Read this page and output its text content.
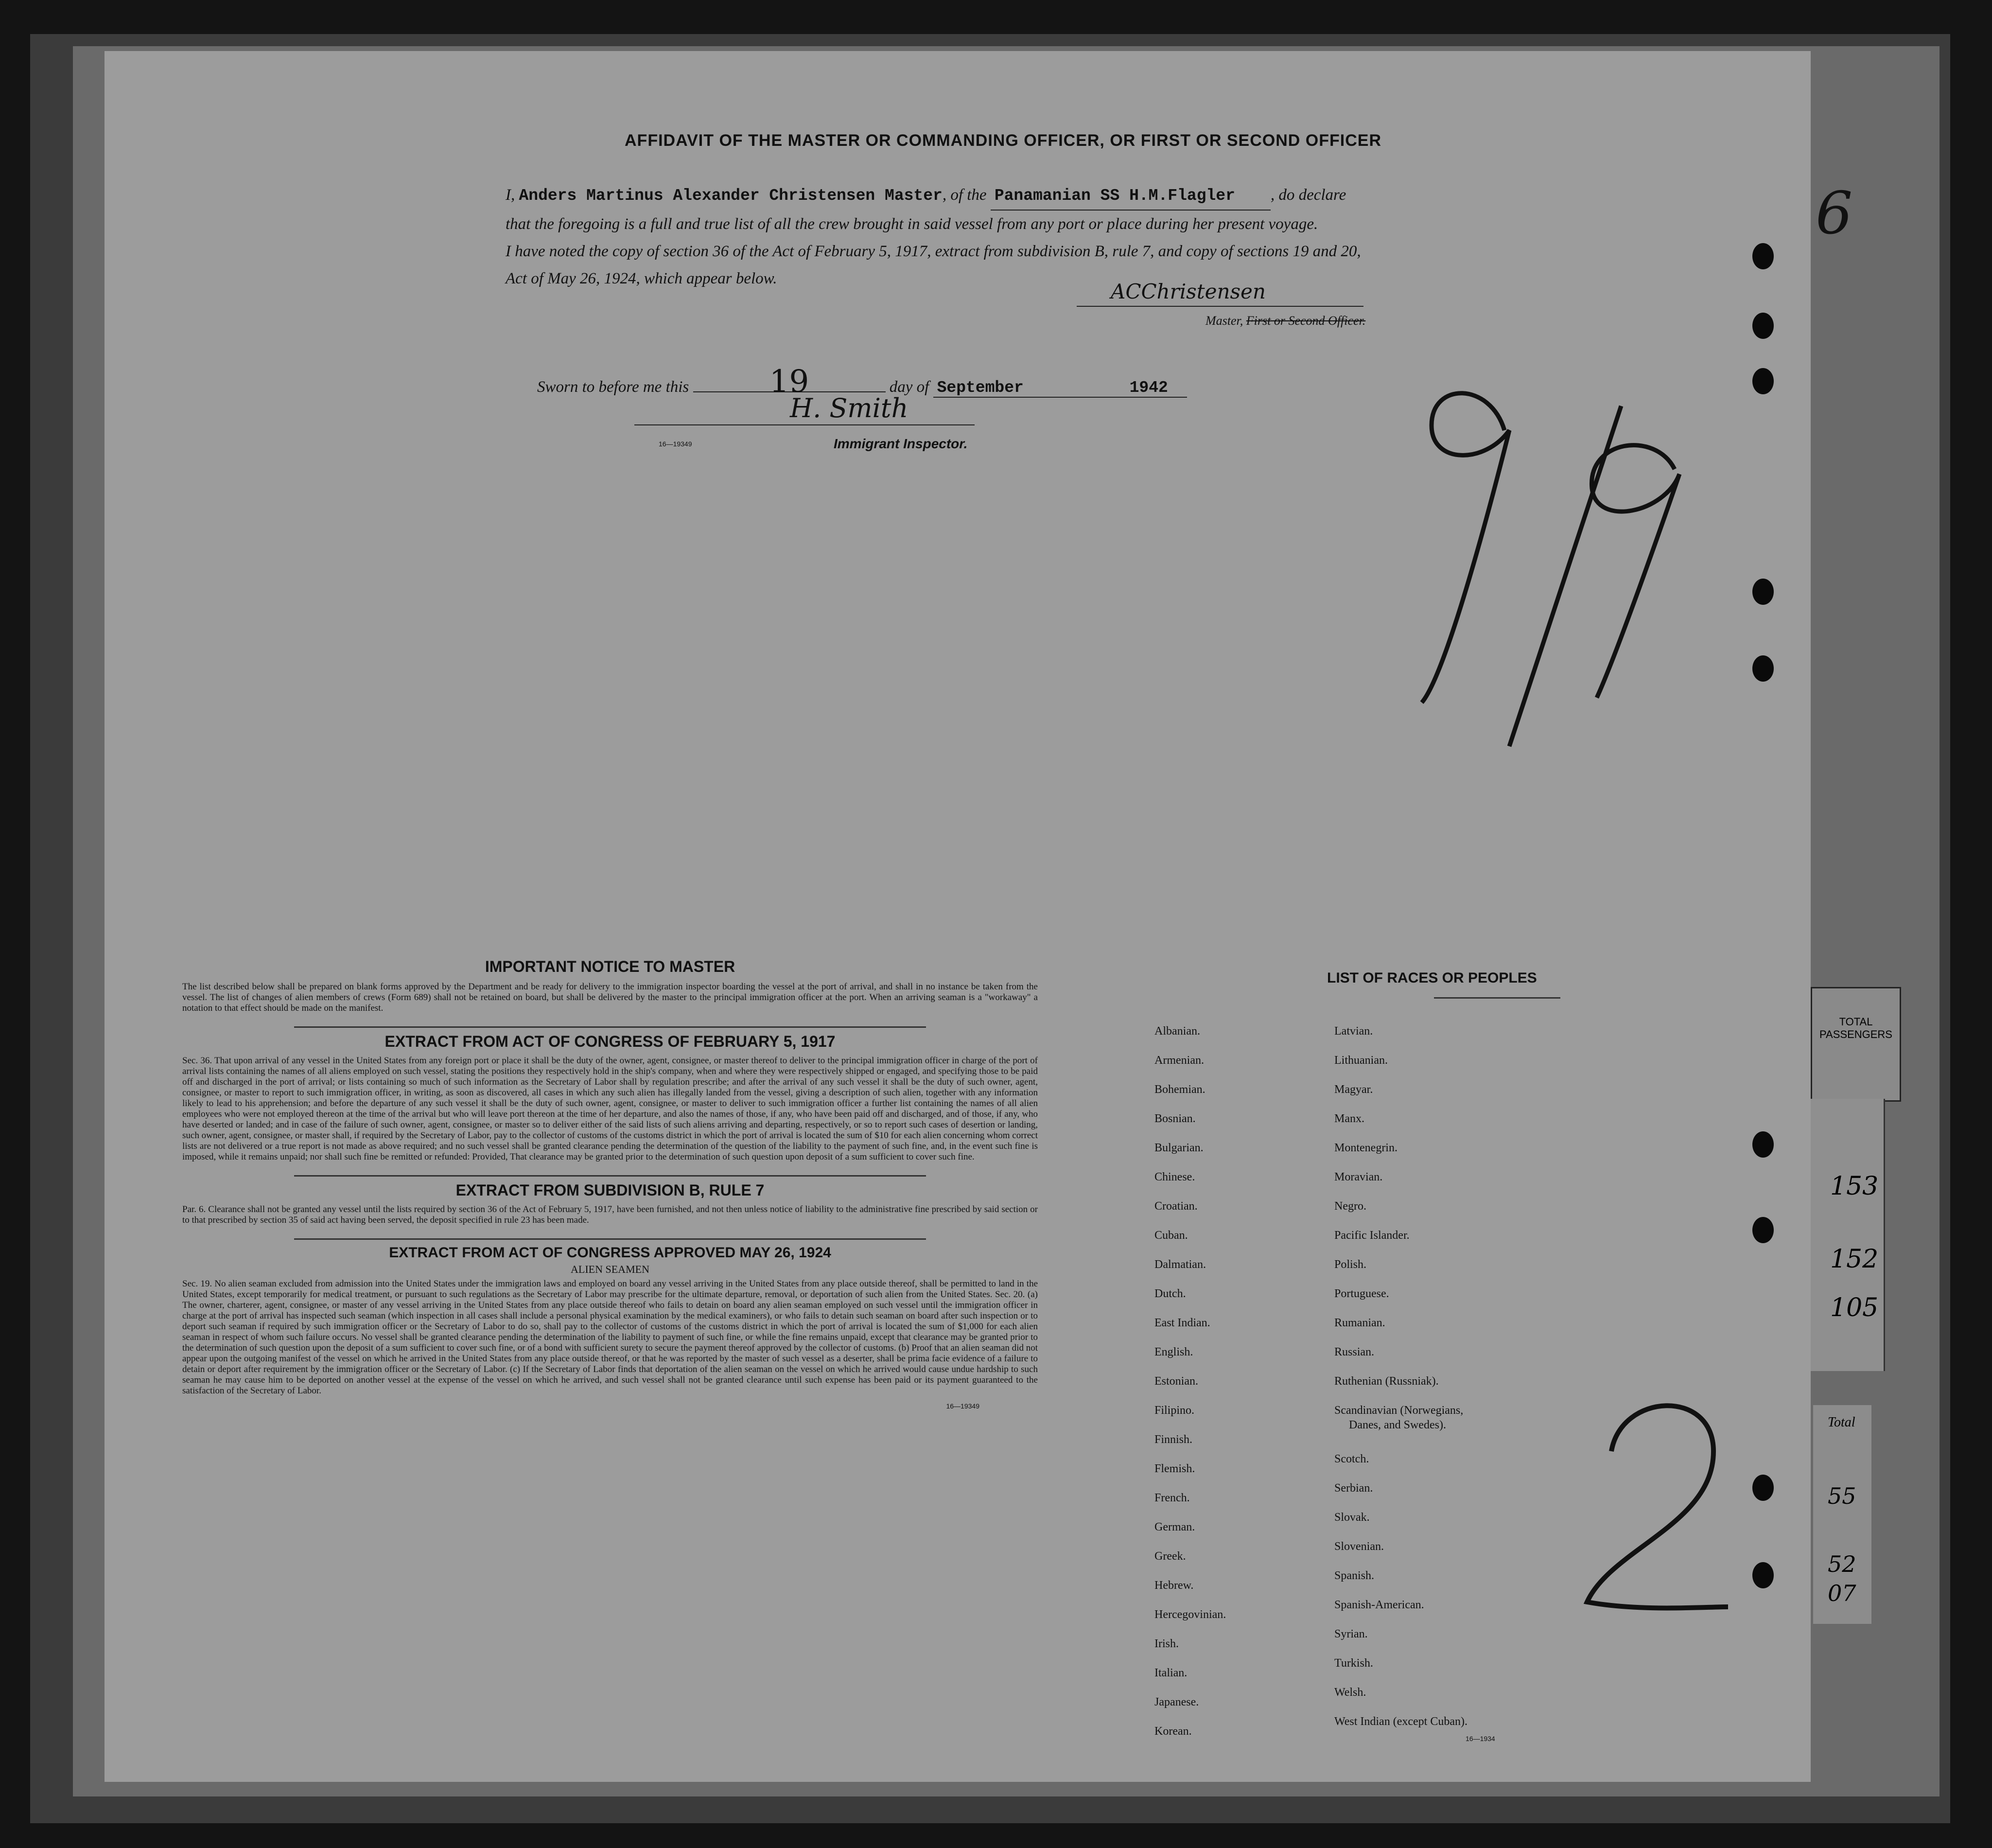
TOTAL
PASSENGERS
153
152
105
Total
55
52
07
6
AFFIDAVIT OF THE MASTER OR COMMANDING OFFICER, OR FIRST OR SECOND OFFICER
I, Anders Martinus Alexander Christensen Master, of the Panamanian SS H.M.Flagler , do declare
that the foregoing is a full and true list of all the crew brought in said vessel from any port or place during her present voyage.
I have noted the copy of section 36 of the Act of February 5, 1917, extract from subdivision B, rule 7, and copy of sections 19 and 20,
Act of May 26, 1924, which appear below.
ACChristensen
Master, First or Second Officer.
Sworn to before me this	19	day of September	1942
H. Smith
16—19349	Immigrant Inspector.
9/19
2
IMPORTANT NOTICE TO MASTER
The list described below shall be prepared on blank forms approved by the Department and be ready for delivery to the immigration inspector boarding the vessel at the port of arrival, and shall in no instance be taken from the vessel. The list of changes of alien members of crews (Form 689) shall not be retained on board, but shall be delivered by the master to the principal immigration officer at the port. When an arriving seaman is a "workaway" a notation to that effect should be made on the manifest.
EXTRACT FROM ACT OF CONGRESS OF FEBRUARY 5, 1917
Sec. 36. That upon arrival of any vessel in the United States from any foreign port or place it shall be the duty of the owner, agent, consignee, or master thereof to deliver to the principal immigration officer in charge of the port of arrival lists containing the names of all aliens employed on such vessel, stating the positions they respectively hold in the ship's company, when and where they were respectively shipped or engaged, and specifying those to be paid off and discharged in the port of arrival; or lists containing so much of such information as the Secretary of Labor shall by regulation prescribe; and after the arrival of any such vessel it shall be the duty of such owner, agent, consignee, or master to report to such immigration officer, in writing, as soon as discovered, all cases in which any such alien has illegally landed from the vessel, giving a description of such alien, together with any information likely to lead to his apprehension; and before the departure of any such vessel it shall be the duty of such owner, agent, consignee, or master to deliver to such immigration officer a further list containing the names of all alien employees who were not employed thereon at the time of the arrival but who will leave port thereon at the time of her departure, and also the names of those, if any, who have been paid off and discharged, and of those, if any, who have deserted or landed; and in case of the failure of such owner, agent, consignee, or master so to deliver either of the said lists of such aliens arriving and departing, respectively, or so to report such cases of desertion or landing, such owner, agent, consignee, or master shall, if required by the Secretary of Labor, pay to the collector of customs of the customs district in which the port of arrival is located the sum of $10 for each alien concerning whom correct lists are not delivered or a true report is not made as above required; and no such vessel shall be granted clearance pending the determination of the question of the liability to the payment of such fine, and, in the event such fine is imposed, while it remains unpaid; nor shall such fine be remitted or refunded: Provided, That clearance may be granted prior to the determination of such question upon deposit of a sum sufficient to cover such fine.
EXTRACT FROM SUBDIVISION B, RULE 7
Par. 6. Clearance shall not be granted any vessel until the lists required by section 36 of the Act of February 5, 1917, have been furnished, and not then unless notice of liability to the administrative fine prescribed by said section or to that prescribed by section 35 of said act having been served, the deposit specified in rule 23 has been made.
EXTRACT FROM ACT OF CONGRESS APPROVED MAY 26, 1924
ALIEN SEAMEN
Sec. 19. No alien seaman excluded from admission into the United States under the immigration laws and employed on board any vessel arriving in the United States from any place outside thereof, shall be permitted to land in the United States, except temporarily for medical treatment, or pursuant to such regulations as the Secretary of Labor may prescribe for the ultimate departure, removal, or deportation of such alien from the United States. Sec. 20. (a) The owner, charterer, agent, consignee, or master of any vessel arriving in the United States from any place outside thereof who fails to detain on board any alien seaman employed on such vessel until the immigration officer in charge at the port of arrival has inspected such seaman (which inspection in all cases shall include a personal physical examination by the medical examiners), or who fails to detain such seaman on board after such inspection or to deport such seaman if required by such immigration officer or the Secretary of Labor to do so, shall pay to the collector of customs of the customs district in which the port of arrival is located the sum of $1,000 for each alien seaman in respect of whom such failure occurs. No vessel shall be granted clearance pending the determination of the liability to payment of such fine, or while the fine remains unpaid, except that clearance may be granted prior to the determination of such question upon the deposit of a sum sufficient to cover such fine, or of a bond with sufficient surety to secure the payment thereof approved by the collector of customs. (b) Proof that an alien seaman did not appear upon the outgoing manifest of the vessel on which he arrived in the United States from any place outside thereof, or that he was reported by the master of such vessel as a deserter, shall be prima facie evidence of a failure to detain or deport after requirement by the immigration officer or the Secretary of Labor. (c) If the Secretary of Labor finds that deportation of the alien seaman on the vessel on which he arrived would cause undue hardship to such seaman he may cause him to be deported on another vessel at the expense of the vessel on which he arrived, and such vessel shall not be granted clearance until such expense has been paid or its payment guaranteed to the satisfaction of the Secretary of Labor.
16—19349
LIST OF RACES OR PEOPLES
Albanian.
Armenian.
Bohemian.
Bosnian.
Bulgarian.
Chinese.
Croatian.
Cuban.
Dalmatian.
Dutch.
East Indian.
English.
Estonian.
Filipino.
Finnish.
Flemish.
French.
German.
Greek.
Hebrew.
Hercegovinian.
Irish.
Italian.
Japanese.
Korean.
Latvian.
Lithuanian.
Magyar.
Manx.
Montenegrin.
Moravian.
Negro.
Pacific Islander.
Polish.
Portuguese.
Rumanian.
Russian.
Ruthenian (Russniak).
Scandinavian (Norwegians,
Danes, and Swedes).
Scotch.
Serbian.
Slovak.
Slovenian.
Spanish.
Spanish-American.
Syrian.
Turkish.
Welsh.
West Indian (except Cuban).
16—1934
